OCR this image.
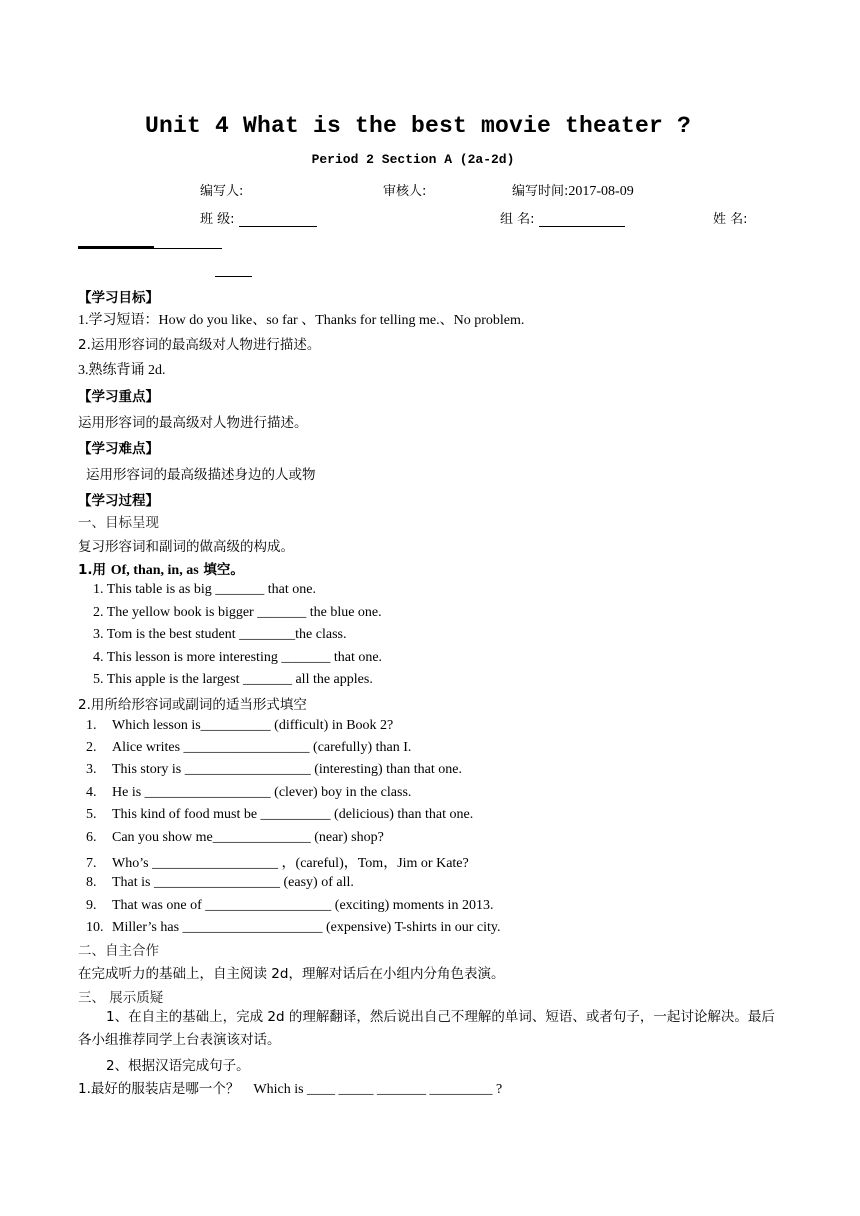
Unit 4 What is the best movie theater ?
Period 2 Section A (2a-2d)
编写人:	审核人:	编写时间:2017-08-09
班 级:	组 名:	姓 名:
【学习目标】
1.学习短语：How do you like、so far 、Thanks for telling me.、No problem.
2.运用形容词的最高级对人物进行描述。
3.熟练背诵 2d.
【学习重点】
运用形容词的最高级对人物进行描述。
【学习难点】
运用形容词的最高级描述身边的人或物
【学习过程】
一、目标呈现
复习形容词和副词的做高级的构成。
1.用 Of, than, in, as 填空。
1. This table is as big _______ that one.
2. The yellow book is bigger _______ the blue one.
3. Tom is the best student ________the class.
4. This lesson is more interesting _______ that one.
5. This apple is the largest _______ all the apples.
2.用所给形容词或副词的适当形式填空
1. Which lesson is__________ (difficult) in Book 2?
2. Alice writes __________________ (carefully) than I.
3. This story is __________________ (interesting) than that one.
4. He is __________________ (clever) boy in the class.
5. This kind of food must be __________ (delicious) than that one.
6. Can you show me______________ (near) shop?
7. Who’s __________________ ，(careful)，Tom，Jim or Kate?
8. That is __________________ (easy) of all.
9. That was one of __________________ (exciting) moments in 2013.
10. Miller’s has ____________________ (expensive) T-shirts in our city.
二、自主合作
在完成听力的基础上，自主阅读 2d，理解对话后在小组内分角色表演。
三、 展示质疑
1、在自主的基础上，完成 2d 的理解翻译，然后说出自己不理解的单词、短语、或者句子，一起讨论解决。最后各小组推荐同学上台表演该对话。
2、根据汉语完成句子。
1.最好的服装店是哪一个？ Which is ____ _____ _______ _________ ?
